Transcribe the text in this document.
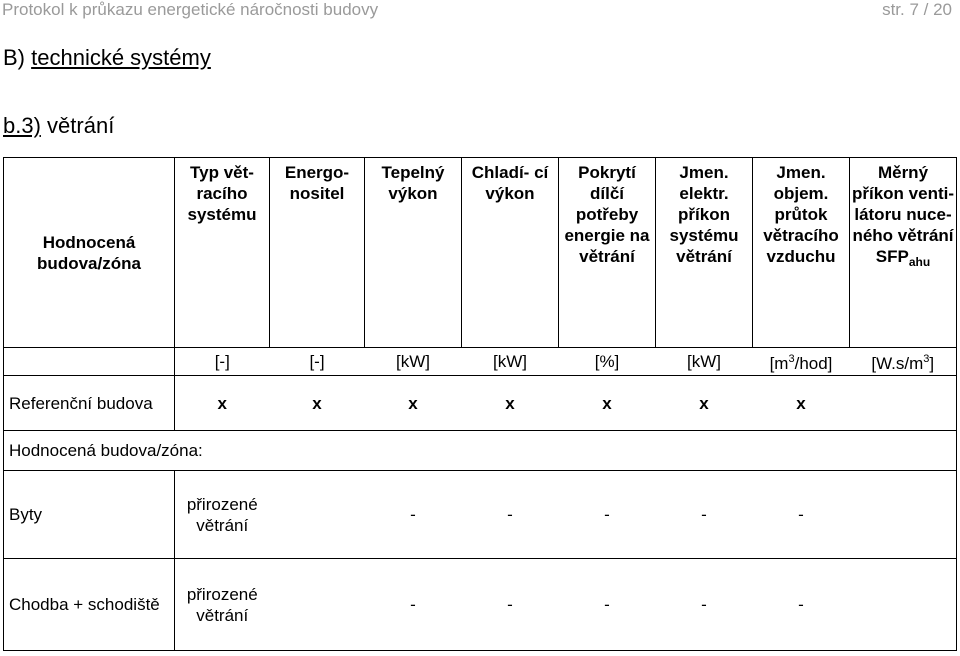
Protokol k průkazu energetické náročnosti budovy	str. 7 / 20
B) technické systémy
b.3) větrání
Hodnocená budova/zóna	Typ vět- racího systému	Energo- nositel	Tepelný výkon	Chladí- cí výkon	Pokrytí dílčí potřeby energie na větrání	Jmen. elektr. příkon systému větrání	Jmen. objem. průtok větracího vzduchu	Měrný příkon venti- látoru nuce- ného větrání $SFP_{ahu}$
	[-]	[-]	[kW]	[kW]	[%]	[kW]	$[m^3/hod]$	$[W.s/m^3]$
Referenční budova	x	x	x	x	x	x	x	
Hodnocená budova/zóna:								
Byty	přirozené větrání		-	-	-	-	-	
Chodba + schodiště	přirozené větrání		-	-	-	-	-	
